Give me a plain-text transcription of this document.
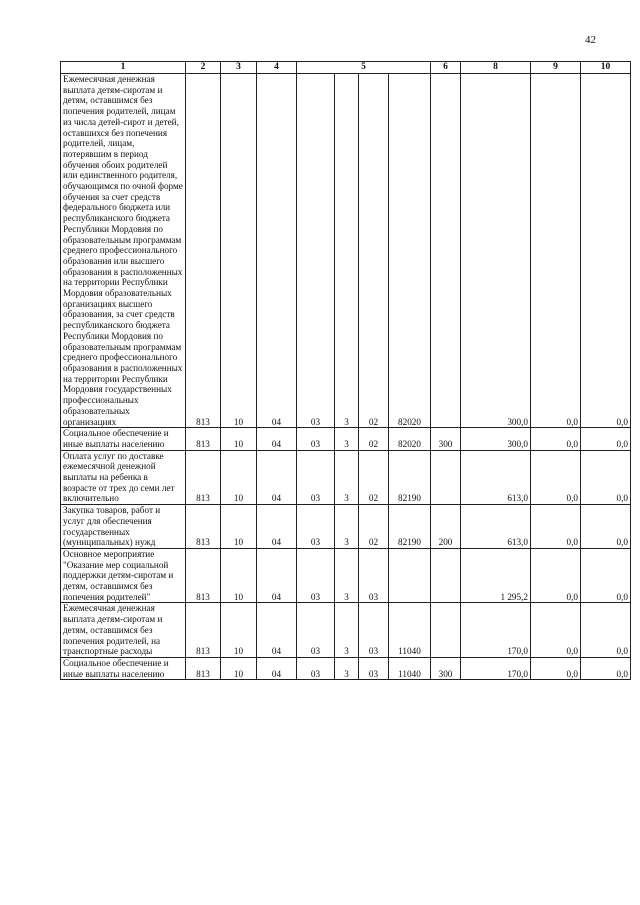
42
1	2	3	4	5				6	8	9	10

Ежемесячная денежная выплата детям-сиротам и детям, оставшимся без попечения родителей, лицам из числа детей-сирот и детей, оставшихся без попечения родителей, лицам, потерявшим в период обучения обоих родителей или единственного родителя, обучающимся по очной форме обучения за счет средств федерального бюджета или республиканского бюджета Республики Мордовия по образовательным программам среднего профессионального образования или высшего образования в расположенных на территории Республики Мордовия образовательных организациях высшего образования, за счет средств республиканского бюджета Республики Мордовия по образовательным программам среднего профессионального образования в расположенных на территории Республики Мордовия государственных профессиональных образовательных организациях	813	10	04	03	3	02	82020		300,0	0,0	0,0

Социальное обеспечение и иные выплаты населению	813	10	04	03	3	02	82020	300	300,0	0,0	0,0

Оплата услуг по доставке ежемесячной денежной выплаты на ребенка в возрасте от трех до семи лет включительно	813	10	04	03	3	02	82190		613,0	0,0	0,0

Закупка товаров, работ и услуг для обеспечения государственных (муниципальных) нужд	813	10	04	03	3	02	82190	200	613,0	0,0	0,0

Основное мероприятие "Оказание мер социальной поддержки детям-сиротам и детям, оставшимся без попечения родителей"	813	10	04	03	3	03			1 295,2	0,0	0,0

Ежемесячная денежная выплата детям-сиротам и детям, оставшимся без попечения родителей, на транспортные расходы	813	10	04	03	3	03	11040		170,0	0,0	0,0

Социальное обеспечение и иные выплаты населению	813	10	04	03	3	03	11040	300	170,0	0,0	0,0
